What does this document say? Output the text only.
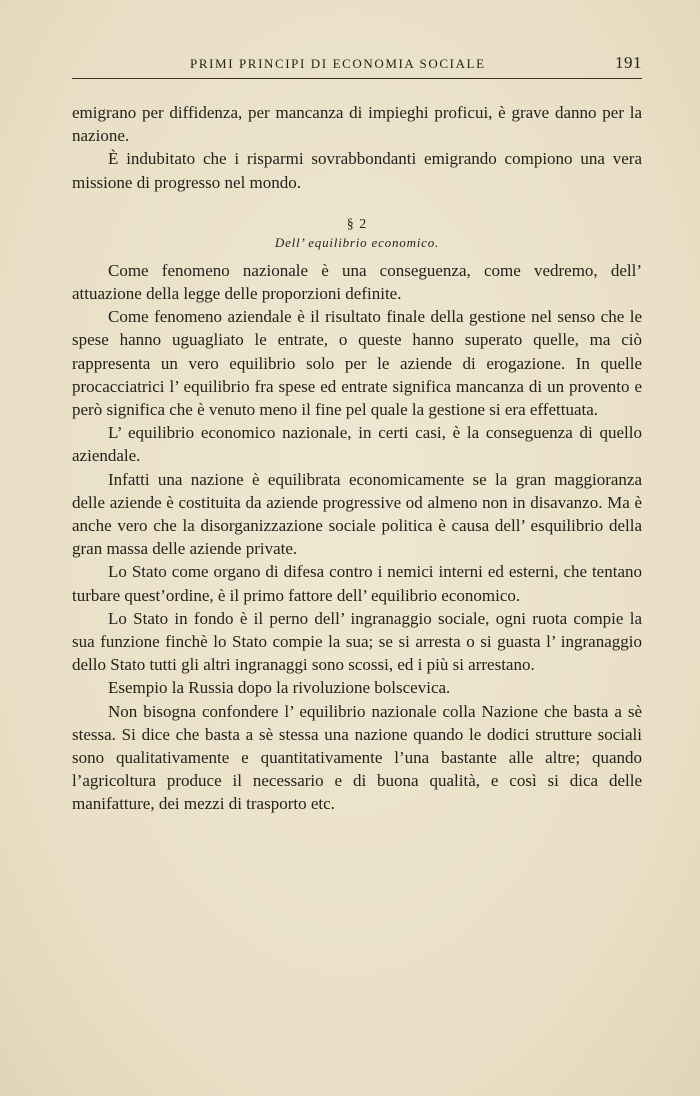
PRIMI PRINCIPI DI ECONOMIA SOCIALE	191

emigrano per diffidenza, per mancanza di impieghi proficui, è grave danno per la nazione.

È indubitato che i risparmi sovrabbondanti emigrando compiono una vera missione di progresso nel mondo.

§ 2
Dell’ equilibrio economico.

Come fenomeno nazionale è una conseguenza, come vedremo, dell’ attuazione della legge delle proporzioni definite.

Come fenomeno aziendale è il risultato finale della gestione nel senso che le spese hanno uguagliato le entrate, o queste hanno superato quelle, ma ciò rappresenta un vero equilibrio solo per le aziende di erogazione. In quelle procacciatrici l’ equilibrio fra spese ed entrate significa mancanza di un provento e però significa che è venuto meno il fine pel quale la gestione si era effettuata.

L’ equilibrio economico nazionale, in certi casi, è la conseguenza di quello aziendale.

Infatti una nazione è equilibrata economicamente se la gran maggioranza delle aziende è costituita da aziende progressive od almeno non in disavanzo. Ma è anche vero che la disorganizzazione sociale politica è causa dell’ esquilibrio della gran massa delle aziende private.

Lo Stato come organo di difesa contro i nemici interni ed esterni, che tentano turbare quest’ordine, è il primo fattore dell’ equilibrio economico.

Lo Stato in fondo è il perno dell’ ingranaggio sociale, ogni ruota compie la sua funzione finchè lo Stato compie la sua; se si arresta o si guasta l’ ingranaggio dello Stato tutti gli altri ingranaggi sono scossi, ed i più si arrestano.

Esempio la Russia dopo la rivoluzione bolscevica.

Non bisogna confondere l’ equilibrio nazionale colla Nazione che basta a sè stessa. Si dice che basta a sè stessa una nazione quando le dodici strutture sociali sono qualitativamente e quantitativamente l’una bastante alle altre; quando l’agricoltura produce il necessario e di buona qualità, e così si dica delle manifatture, dei mezzi di trasporto etc.
